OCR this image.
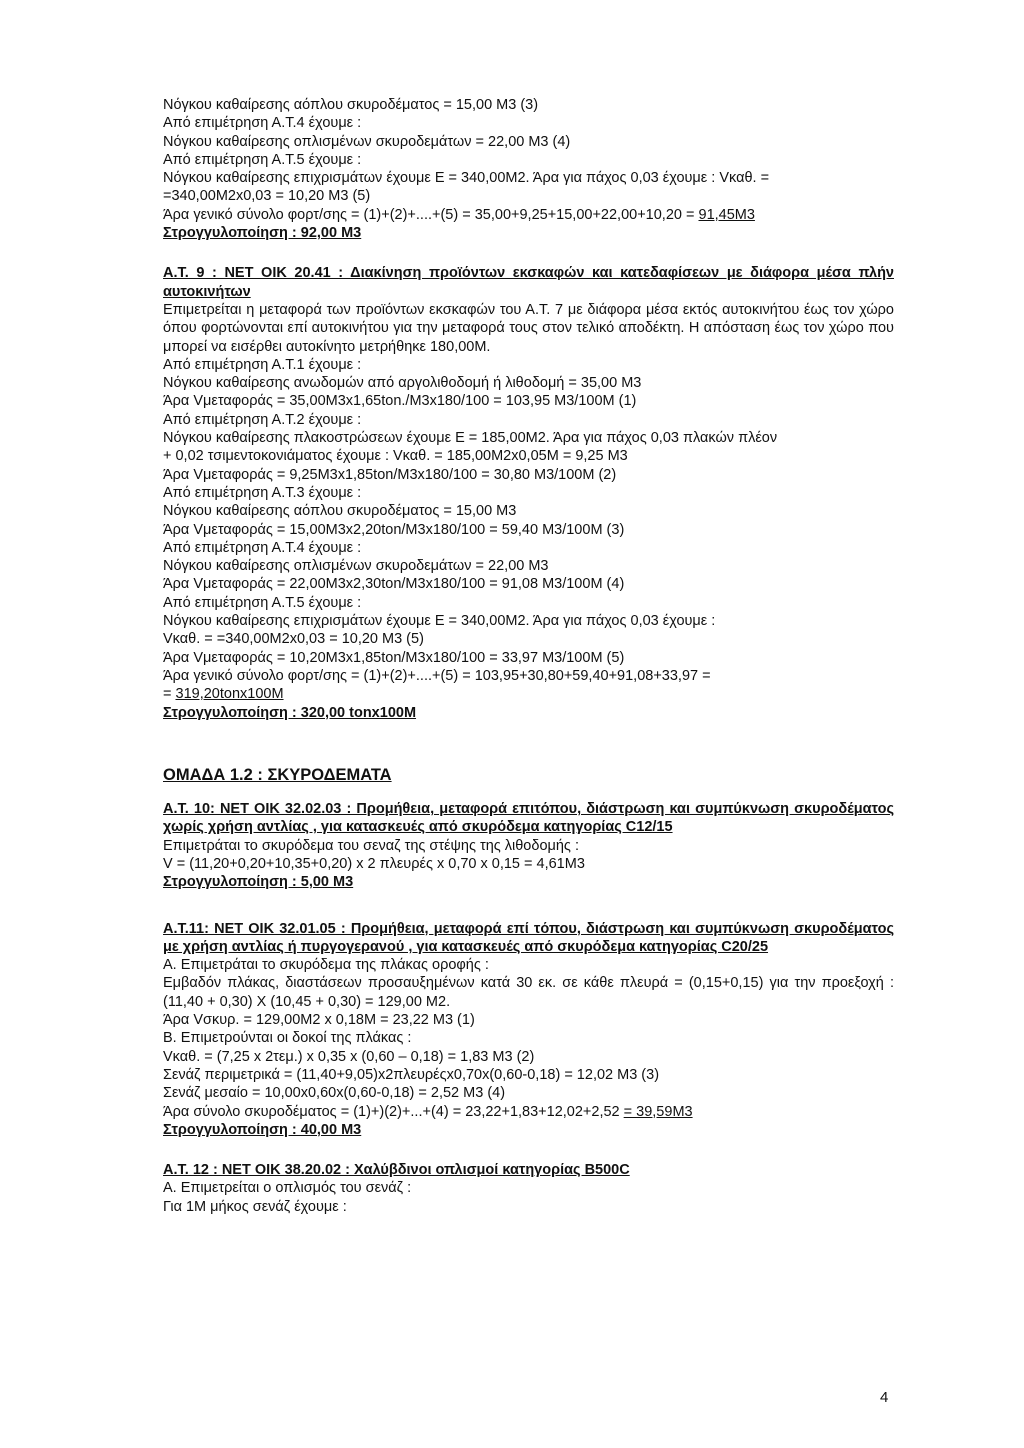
Νόγκου καθαίρεσης αόπλου σκυροδέματος = 15,00 Μ3 (3)

Από επιμέτρηση Α.Τ.4 έχουμε :

Νόγκου καθαίρεσης οπλισμένων σκυροδεμάτων = 22,00 Μ3 (4)

Από επιμέτρηση Α.Τ.5 έχουμε :

Νόγκου καθαίρεσης επιχρισμάτων έχουμε Ε = 340,00Μ2. Άρα για πάχος 0,03 έχουμε : Vκαθ. =

=340,00Μ2x0,03 = 10,20 Μ3 (5)

Άρα γενικό σύνολο φορτ/σης = (1)+(2)+....+(5) = 35,00+9,25+15,00+22,00+10,20 = 91,45Μ3

Στρογγυλοποίηση : 92,00 Μ3

Α.Τ. 9 : ΝΕΤ ΟΙΚ 20.41 : Διακίνηση προϊόντων εκσκαφών και κατεδαφίσεων με διάφορα μέσα πλήν αυτοκινήτων

Επιμετρείται η μεταφορά των προϊόντων εκσκαφών του Α.Τ. 7 με διάφορα μέσα εκτός αυτοκινήτου έως τον χώρο όπου φορτώνονται επί αυτοκινήτου για την μεταφορά τους στον τελικό αποδέκτη. Η απόσταση έως τον χώρο που μπορεί να εισέρθει αυτοκίνητο μετρήθηκε 180,00Μ.

Από επιμέτρηση Α.Τ.1 έχουμε :

Νόγκου καθαίρεσης ανωδομών από αργολιθοδομή ή λιθοδομή = 35,00 Μ3

Άρα Vμεταφοράς = 35,00Μ3x1,65ton./M3x180/100 = 103,95 Μ3/100Μ (1)

Από επιμέτρηση Α.Τ.2 έχουμε :

Νόγκου καθαίρεσης πλακοστρώσεων έχουμε Ε = 185,00Μ2. Άρα για πάχος 0,03 πλακών πλέον

+ 0,02 τσιμεντοκονιάματος έχουμε : Vκαθ. = 185,00Μ2x0,05Μ = 9,25 Μ3

Άρα Vμεταφοράς = 9,25Μ3x1,85ton/M3x180/100 = 30,80 Μ3/100Μ (2)

Από επιμέτρηση Α.Τ.3 έχουμε :

Νόγκου καθαίρεσης αόπλου σκυροδέματος = 15,00 Μ3

Άρα Vμεταφοράς = 15,00Μ3x2,20ton/M3x180/100 = 59,40 Μ3/100Μ (3)

Από επιμέτρηση Α.Τ.4 έχουμε :

Νόγκου καθαίρεσης οπλισμένων σκυροδεμάτων = 22,00 Μ3

Άρα Vμεταφοράς = 22,00Μ3x2,30ton/M3x180/100 = 91,08 Μ3/100Μ (4)

Από επιμέτρηση Α.Τ.5 έχουμε :

Νόγκου καθαίρεσης επιχρισμάτων έχουμε Ε = 340,00Μ2. Άρα για πάχος 0,03 έχουμε :

Vκαθ. = =340,00Μ2x0,03 = 10,20 Μ3 (5)

Άρα Vμεταφοράς = 10,20Μ3x1,85ton/M3x180/100 = 33,97 Μ3/100Μ (5)

Άρα γενικό σύνολο φορτ/σης = (1)+(2)+....+(5) = 103,95+30,80+59,40+91,08+33,97 =

= 319,20tonx100M

Στρογγυλοποίηση : 320,00 tonx100M

ΟΜΑΔΑ 1.2 : ΣΚΥΡΟΔΕΜΑΤΑ

Α.Τ. 10: ΝΕΤ ΟΙΚ 32.02.03 : Προμήθεια, μεταφορά επιτόπου, διάστρωση και συμπύκνωση σκυροδέματος χωρίς χρήση αντλίας , για κατασκευές από σκυρόδεμα κατηγορίας C12/15

Επιμετράται το σκυρόδεμα του σεναζ της στέψης της λιθοδομής :

V = (11,20+0,20+10,35+0,20) x 2 πλευρές x 0,70 x 0,15 = 4,61Μ3

Στρογγυλοποίηση : 5,00 Μ3

Α.Τ.11: ΝΕΤ ΟΙΚ 32.01.05 : Προμήθεια, μεταφορά επί τόπου, διάστρωση και συμπύκνωση σκυροδέματος με χρήση αντλίας ή πυργογερανού , για κατασκευές από σκυρόδεμα κατηγορίας C20/25

Α. Επιμετράται το σκυρόδεμα της πλάκας οροφής :

Εμβαδόν πλάκας, διαστάσεων προσαυξημένων κατά 30 εκ. σε κάθε πλευρά = (0,15+0,15) για την προεξοχή : (11,40 + 0,30) Χ (10,45 + 0,30) = 129,00 Μ2.

Άρα Vσκυρ. = 129,00Μ2 x 0,18Μ = 23,22 Μ3 (1)

Β. Επιμετρούνται οι δοκοί της πλάκας :

Vκαθ. = (7,25 x 2τεμ.) x 0,35 x (0,60 – 0,18) = 1,83 Μ3 (2)

Σενάζ περιμετρικά = (11,40+9,05)x2πλευρέςx0,70x(0,60-0,18) = 12,02 Μ3 (3)

Σενάζ μεσαίο = 10,00x0,60x(0,60-0,18) = 2,52 Μ3 (4)

Άρα σύνολο σκυροδέματος = (1)+)(2)+...+(4) = 23,22+1,83+12,02+2,52 = 39,59Μ3

Στρογγυλοποίηση : 40,00 Μ3

Α.Τ. 12 : ΝΕΤ ΟΙΚ 38.20.02 : Χαλύβδινοι οπλισμοί κατηγορίας Β500C

Α. Επιμετρείται ο οπλισμός του σενάζ :

Για 1Μ μήκος σενάζ έχουμε :

4
